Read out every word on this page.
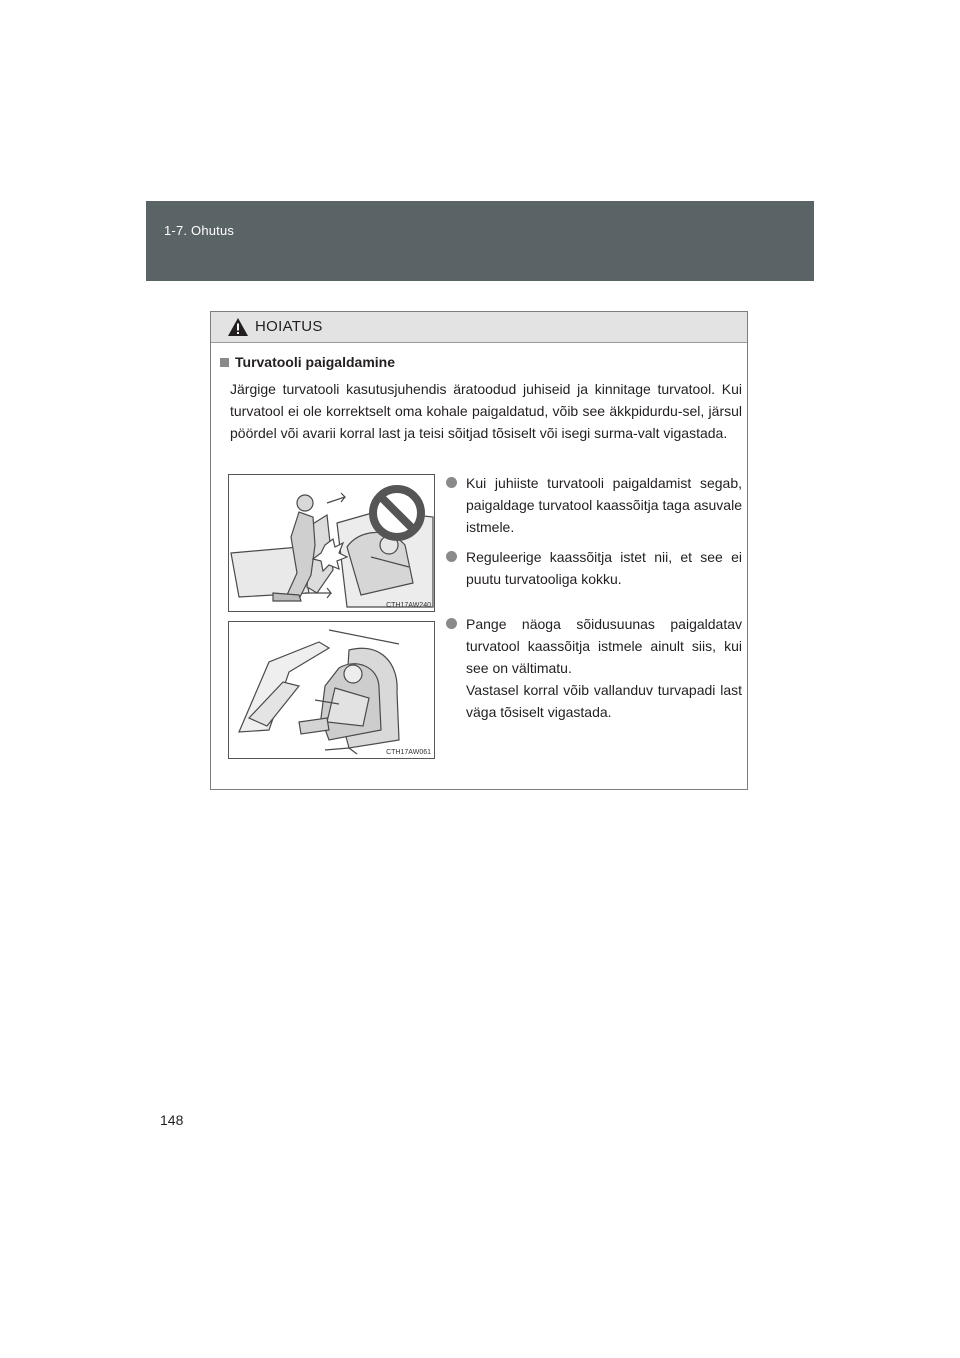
1-7. Ohutus
HOIATUS
Turvatooli paigaldamine
Järgige turvatooli kasutusjuhendis äratoodud juhiseid ja kinnitage turvatool. Kui turvatool ei ole korrektselt oma kohale paigaldatud, võib see äkkpidurdu-sel, järsul pöördel või avarii korral last ja teisi sõitjad tõsiselt või isegi surma-valt vigastada.
CTH17AW240
CTH17AW061
Kui juhiiste turvatooli paigaldamist segab, paigaldage turvatool kaassõitja taga asuvale istmele.
Reguleerige kaassõitja istet nii, et see ei puutu turvatooliga kokku.
Pange näoga sõidusuunas paigaldatav turvatool kaassõitja istmele ainult siis, kui see on vältimatu.
Vastasel korral võib vallanduv turvapadi last väga tõsiselt vigastada.
148
